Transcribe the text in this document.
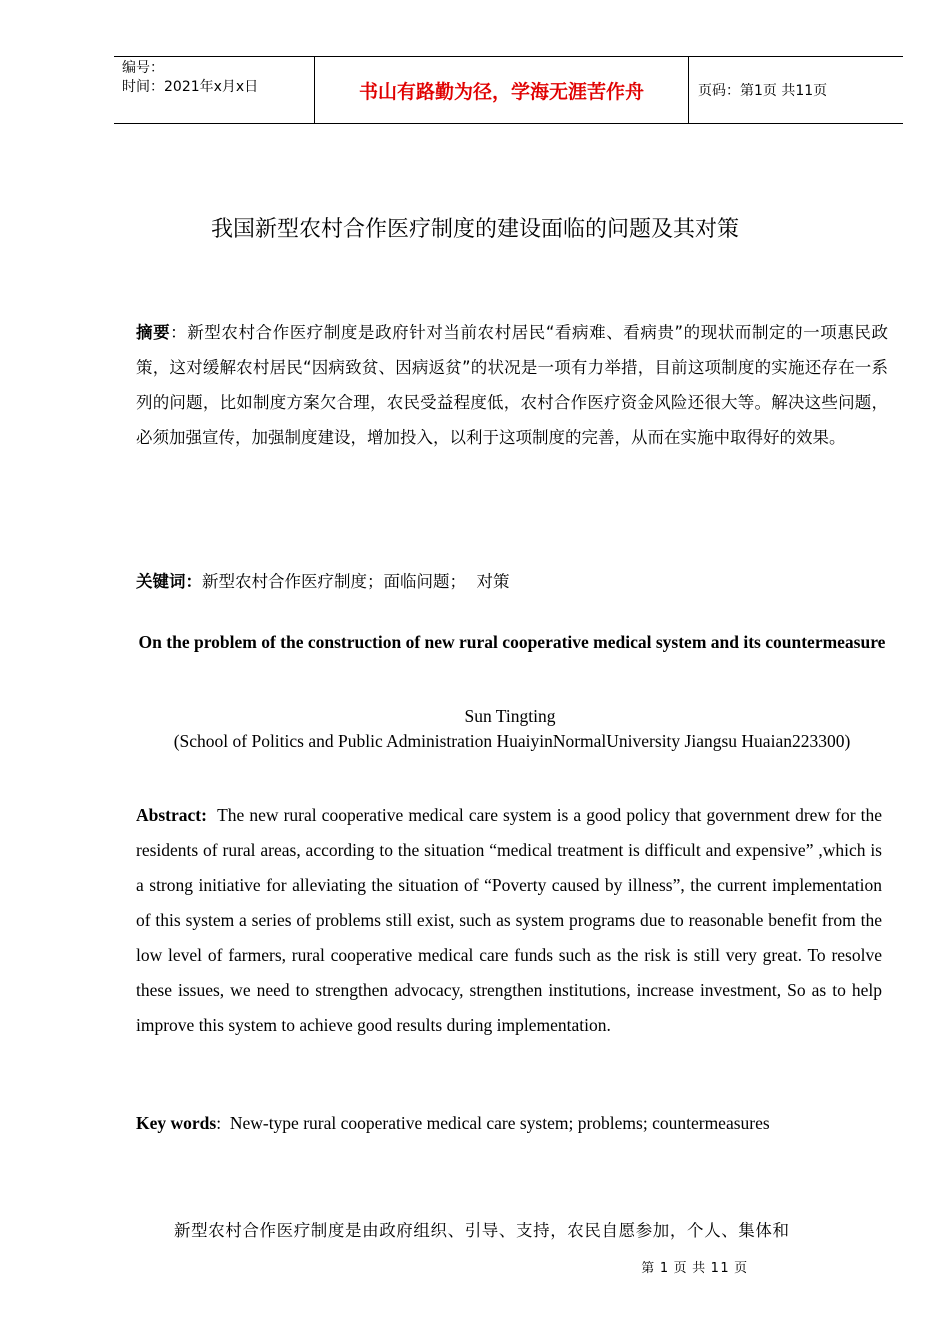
编号：
时间：2021年x月x日	书山有路勤为径，学海无涯苦作舟	页码：第1页 共11页
我国新型农村合作医疗制度的建设面临的问题及其对策
摘要：新型农村合作医疗制度是政府针对当前农村居民“看病难、看病贵”的现状而制定的一项惠民政策，这对缓解农村居民“因病致贫、因病返贫”的状况是一项有力举措，目前这项制度的实施还存在一系列的问题，比如制度方案欠合理，农民受益程度低，农村合作医疗资金风险还很大等。解决这些问题，必须加强宣传，加强制度建设，增加投入，以利于这项制度的完善，从而在实施中取得好的效果。
关键词：新型农村合作医疗制度；面临问题；  对策
On the problem of the construction of new rural cooperative medical system and its countermeasure
Sun Tingting
(School of Politics and Public Administration HuaiyinNormalUniversity Jiangsu Huaian223300)
Abstract: The new rural cooperative medical care system is a good policy that government drew for the residents of rural areas, according to the situation “medical treatment is difficult and expensive” ,which is a strong initiative for alleviating the situation of “Poverty caused by illness”, the current implementation of this system a series of problems still exist, such as system programs due to reasonable benefit from the low level of farmers, rural cooperative medical care funds such as the risk is still very great. To resolve these issues, we need to strengthen advocacy, strengthen institutions, increase investment, So as to help improve this system to achieve good results during implementation.
Key words: New-type rural cooperative medical care system; problems; countermeasures
新型农村合作医疗制度是由政府组织、引导、支持，农民自愿参加，个人、集体和
第 1 页 共 11 页
